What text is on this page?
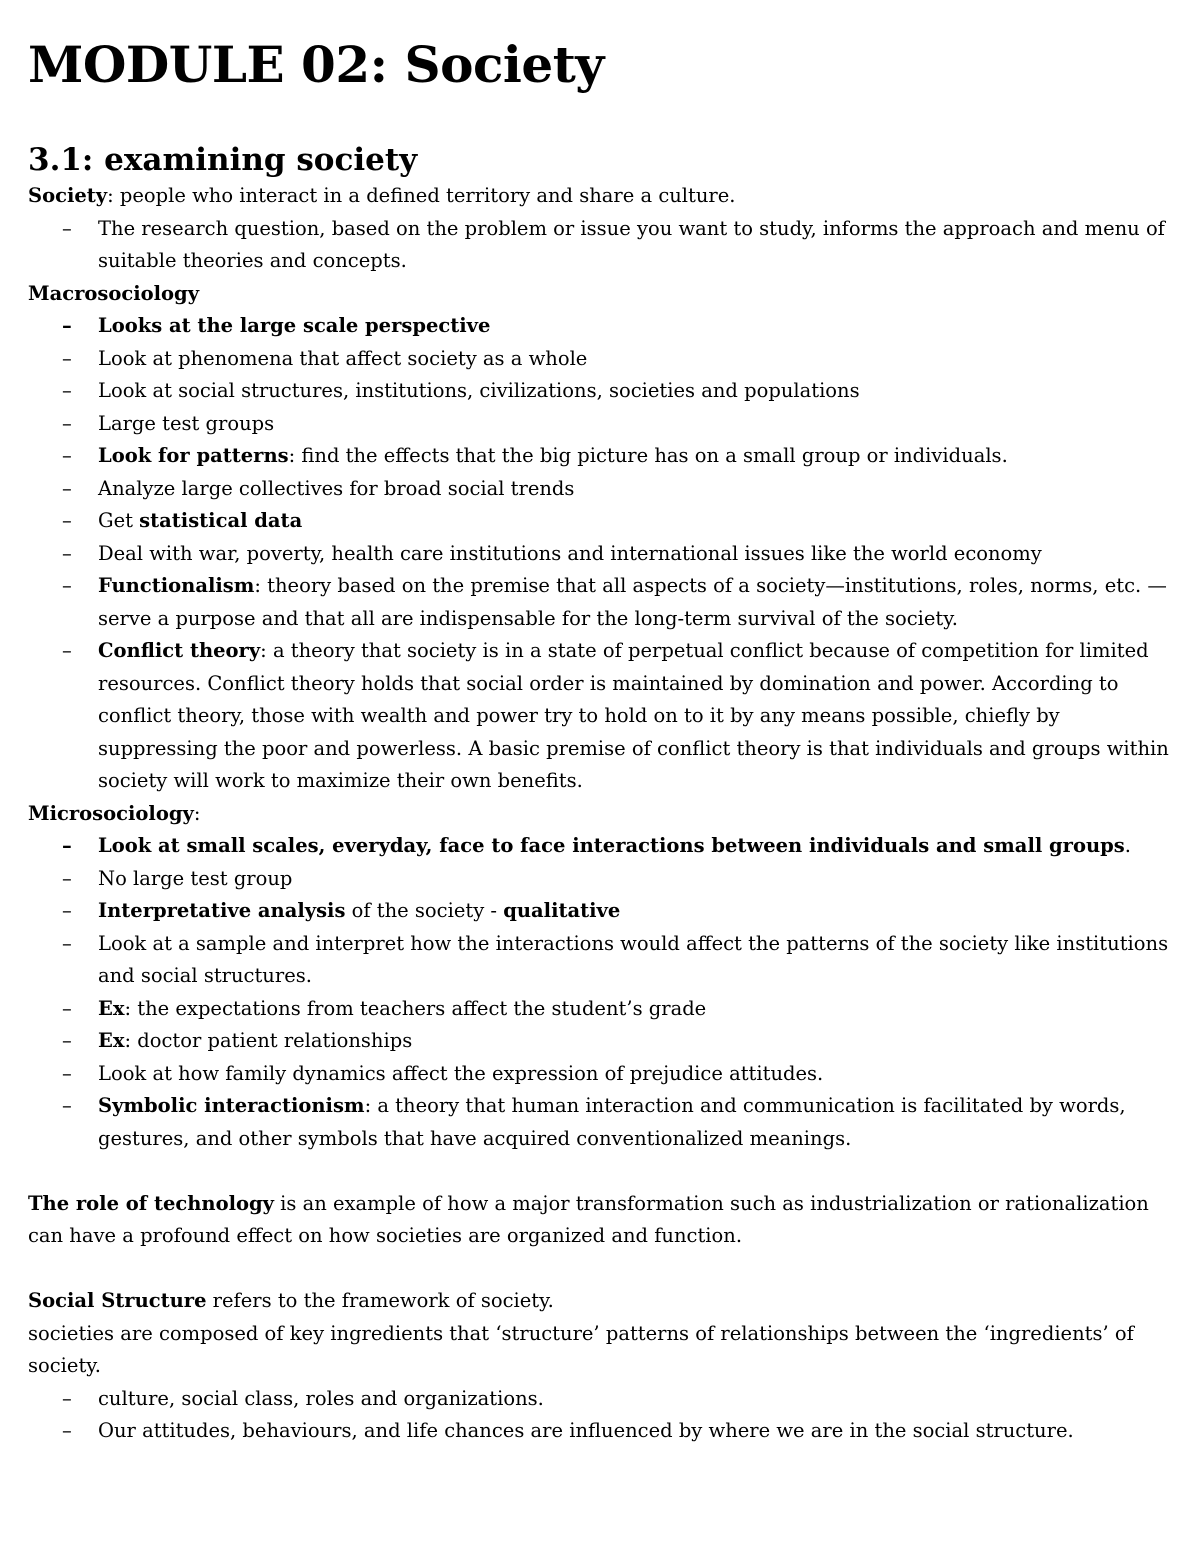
MODULE 02: Society
3.1: examining society

Society: people who interact in a defined territory and share a culture.

– The research question, based on the problem or issue you want to study, informs the approach and menu of suitable theories and concepts.

Macrosociology

– Looks at the large scale perspective
– Look at phenomena that affect society as a whole
– Look at social structures, institutions, civilizations, societies and populations
– Large test groups
– Look for patterns: find the effects that the big picture has on a small group or individuals.
– Analyze large collectives for broad social trends
– Get statistical data
– Deal with war, poverty, health care institutions and international issues like the world economy
– Functionalism: theory based on the premise that all aspects of a society—institutions, roles, norms, etc. —serve a purpose and that all are indispensable for the long-term survival of the society.
– Conflict theory: a theory that society is in a state of perpetual conflict because of competition for limited resources. Conflict theory holds that social order is maintained by domination and power. According to conflict theory, those with wealth and power try to hold on to it by any means possible, chiefly by suppressing the poor and powerless. A basic premise of conflict theory is that individuals and groups within society will work to maximize their own benefits.

Microsociology:

– Look at small scales, everyday, face to face interactions between individuals and small groups.
– No large test group
– Interpretative analysis of the society - qualitative
– Look at a sample and interpret how the interactions would affect the patterns of the society like institutions and social structures.
– Ex: the expectations from teachers affect the student’s grade
– Ex: doctor patient relationships
– Look at how family dynamics affect the expression of prejudice attitudes.
– Symbolic interactionism: a theory that human interaction and communication is facilitated by words, gestures, and other symbols that have acquired conventionalized meanings.

The role of technology is an example of how a major transformation such as industrialization or rationalization can have a profound effect on how societies are organized and function.

Social Structure refers to the framework of society.

societies are composed of key ingredients that ‘structure’ patterns of relationships between the ‘ingredients’ of society.

– culture, social class, roles and organizations.
– Our attitudes, behaviours, and life chances are influenced by where we are in the social structure.
